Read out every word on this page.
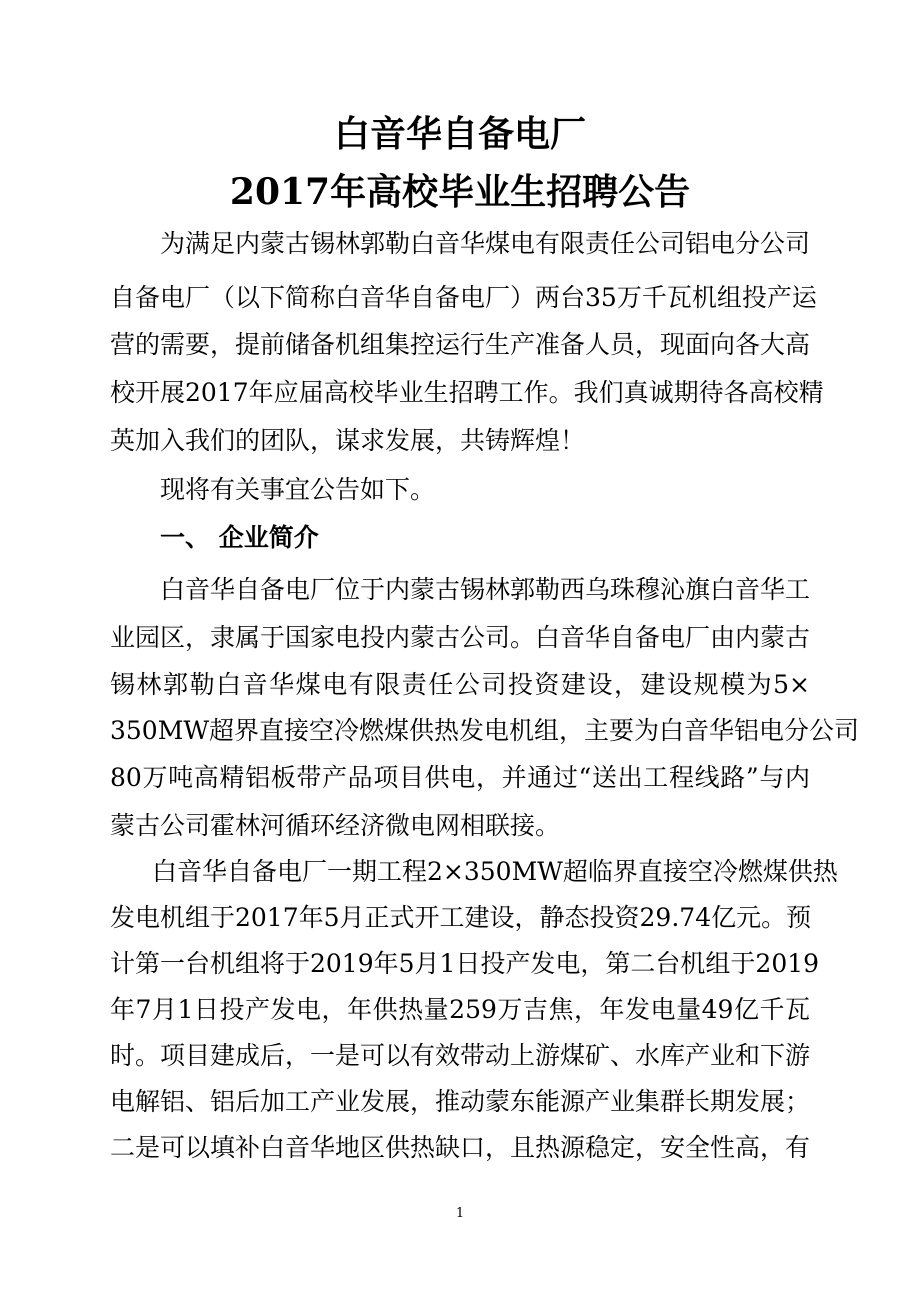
白音华自备电厂
2017年高校毕业生招聘公告
为满足内蒙古锡林郭勒白音华煤电有限责任公司铝电分公司
自备电厂（以下简称白音华自备电厂）两台35万千瓦机组投产运
营的需要，提前储备机组集控运行生产准备人员，现面向各大高
校开展2017年应届高校毕业生招聘工作。我们真诚期待各高校精
英加入我们的团队，谋求发展，共铸辉煌！
现将有关事宜公告如下。
一、 企业简介
白音华自备电厂位于内蒙古锡林郭勒西乌珠穆沁旗白音华工
业园区，隶属于国家电投内蒙古公司。白音华自备电厂由内蒙古
锡林郭勒白音华煤电有限责任公司投资建设，建设规模为5×
350MW超界直接空冷燃煤供热发电机组，主要为白音华铝电分公司
80万吨高精铝板带产品项目供电，并通过“送出工程线路”与内
蒙古公司霍林河循环经济微电网相联接。
白音华自备电厂一期工程2×350MW超临界直接空冷燃煤供热
发电机组于2017年5月正式开工建设，静态投资29.74亿元。预
计第一台机组将于2019年5月1日投产发电，第二台机组于2019
年7月1日投产发电，年供热量259万吉焦，年发电量49亿千瓦
时。项目建成后，一是可以有效带动上游煤矿、水库产业和下游
电解铝、铝后加工产业发展，推动蒙东能源产业集群长期发展；
二是可以填补白音华地区供热缺口，且热源稳定，安全性高，有
1
